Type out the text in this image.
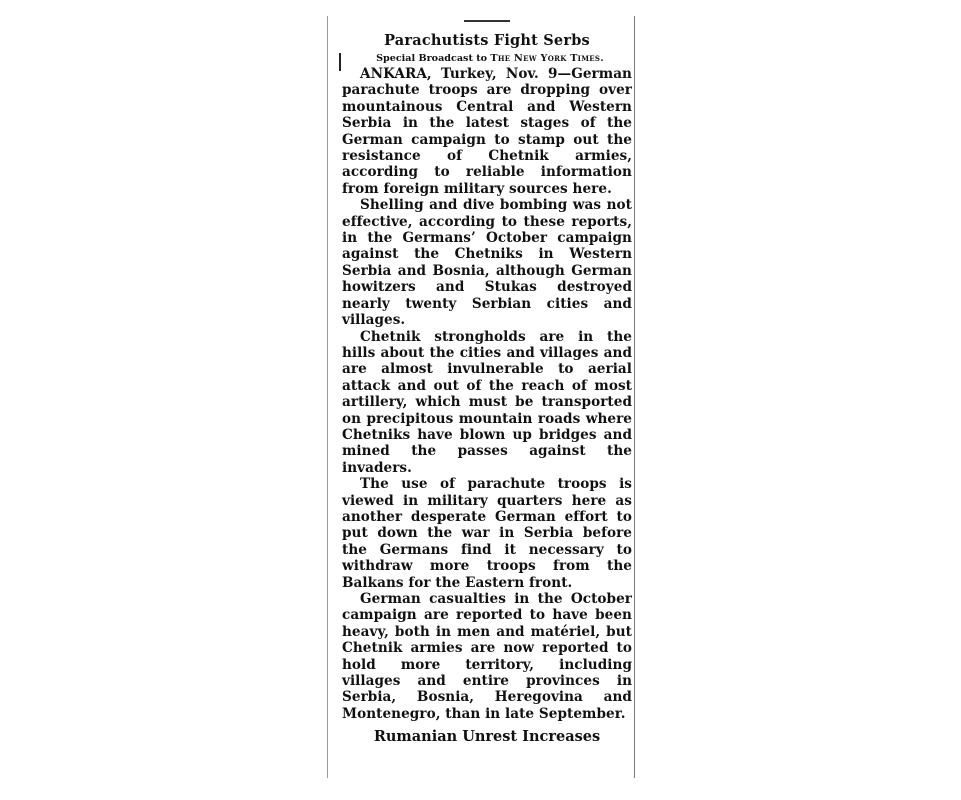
Parachutists Fight Serbs
Special Broadcast to The New York Times.

ANKARA, Turkey, Nov. 9—German parachute troops are dropping over mountainous Central and Western Serbia in the latest stages of the German campaign to stamp out the resistance of Chetnik armies, according to reliable information from foreign military sources here.

Shelling and dive bombing was not effective, according to these reports, in the Germans’ October campaign against the Chetniks in Western Serbia and Bosnia, although German howitzers and Stukas destroyed nearly twenty Serbian cities and villages.

Chetnik strongholds are in the hills about the cities and villages and are almost invulnerable to aerial attack and out of the reach of most artillery, which must be transported on precipitous mountain roads where Chetniks have blown up bridges and mined the passes against the invaders.

The use of parachute troops is viewed in military quarters here as another desperate German effort to put down the war in Serbia before the Germans find it necessary to withdraw more troops from the Balkans for the Eastern front.

German casualties in the October campaign are reported to have been heavy, both in men and matériel, but Chetnik armies are now reported to hold more territory, including villages and entire provinces in Serbia, Bosnia, Heregovina and Montenegro, than in late September.

Rumanian Unrest Increases
